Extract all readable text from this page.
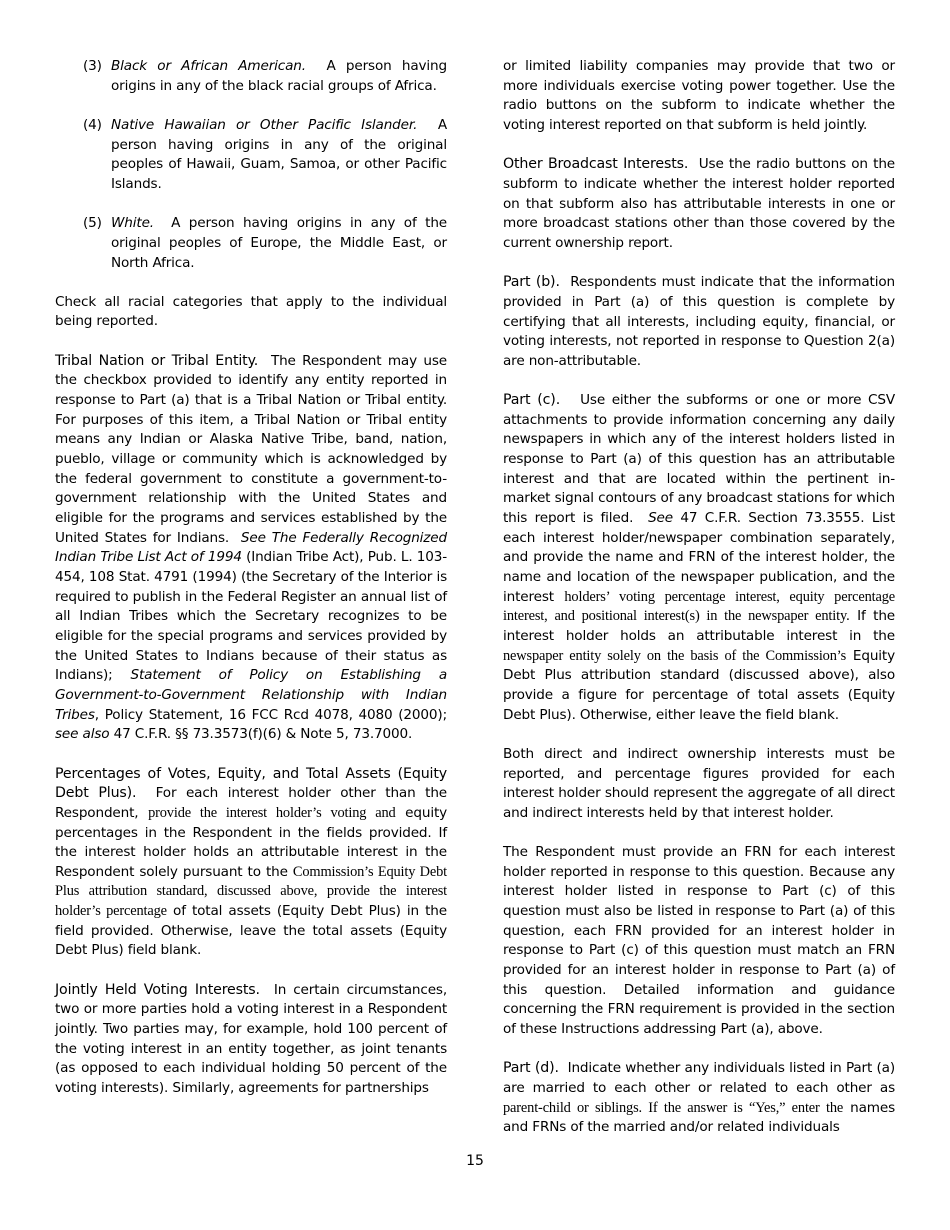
(3) Black or African American. A person having origins in any of the black racial groups of Africa.
(4) Native Hawaiian or Other Pacific Islander. A person having origins in any of the original peoples of Hawaii, Guam, Samoa, or other Pacific Islands.
(5) White. A person having origins in any of the original peoples of Europe, the Middle East, or North Africa.

Check all racial categories that apply to the individual being reported.

Tribal Nation or Tribal Entity. The Respondent may use the checkbox provided to identify any entity reported in response to Part (a) that is a Tribal Nation or Tribal entity. For purposes of this item, a Tribal Nation or Tribal entity means any Indian or Alaska Native Tribe, band, nation, pueblo, village or community which is acknowledged by the federal government to constitute a government-to-government relationship with the United States and eligible for the programs and services established by the United States for Indians. See The Federally Recognized Indian Tribe List Act of 1994 (Indian Tribe Act), Pub. L. 103-454, 108 Stat. 4791 (1994) (the Secretary of the Interior is required to publish in the Federal Register an annual list of all Indian Tribes which the Secretary recognizes to be eligible for the special programs and services provided by the United States to Indians because of their status as Indians); Statement of Policy on Establishing a Government-to-Government Relationship with Indian Tribes, Policy Statement, 16 FCC Rcd 4078, 4080 (2000); see also 47 C.F.R. §§ 73.3573(f)(6) & Note 5, 73.7000.

Percentages of Votes, Equity, and Total Assets (Equity Debt Plus). For each interest holder other than the Respondent, provide the interest holder’s voting and equity percentages in the Respondent in the fields provided. If the interest holder holds an attributable interest in the Respondent solely pursuant to the Commission’s Equity Debt Plus attribution standard, discussed above, provide the interest holder’s percentage of total assets (Equity Debt Plus) in the field provided. Otherwise, leave the total assets (Equity Debt Plus) field blank.

Jointly Held Voting Interests. In certain circumstances, two or more parties hold a voting interest in a Respondent jointly. Two parties may, for example, hold 100 percent of the voting interest in an entity together, as joint tenants (as opposed to each individual holding 50 percent of the voting interests). Similarly, agreements for partnerships

or limited liability companies may provide that two or more individuals exercise voting power together. Use the radio buttons on the subform to indicate whether the voting interest reported on that subform is held jointly.

Other Broadcast Interests. Use the radio buttons on the subform to indicate whether the interest holder reported on that subform also has attributable interests in one or more broadcast stations other than those covered by the current ownership report.

Part (b). Respondents must indicate that the information provided in Part (a) of this question is complete by certifying that all interests, including equity, financial, or voting interests, not reported in response to Question 2(a) are non-attributable.

Part (c). Use either the subforms or one or more CSV attachments to provide information concerning any daily newspapers in which any of the interest holders listed in response to Part (a) of this question has an attributable interest and that are located within the pertinent in-market signal contours of any broadcast stations for which this report is filed. See 47 C.F.R. Section 73.3555. List each interest holder/newspaper combination separately, and provide the name and FRN of the interest holder, the name and location of the newspaper publication, and the interest holders’ voting percentage interest, equity percentage interest, and positional interest(s) in the newspaper entity. If the interest holder holds an attributable interest in the newspaper entity solely on the basis of the Commission’s Equity Debt Plus attribution standard (discussed above), also provide a figure for percentage of total assets (Equity Debt Plus). Otherwise, either leave the field blank.

Both direct and indirect ownership interests must be reported, and percentage figures provided for each interest holder should represent the aggregate of all direct and indirect interests held by that interest holder.

The Respondent must provide an FRN for each interest holder reported in response to this question. Because any interest holder listed in response to Part (c) of this question must also be listed in response to Part (a) of this question, each FRN provided for an interest holder in response to Part (c) of this question must match an FRN provided for an interest holder in response to Part (a) of this question. Detailed information and guidance concerning the FRN requirement is provided in the section of these Instructions addressing Part (a), above.

Part (d). Indicate whether any individuals listed in Part (a) are married to each other or related to each other as parent-child or siblings. If the answer is “Yes,” enter the names and FRNs of the married and/or related individuals

15
